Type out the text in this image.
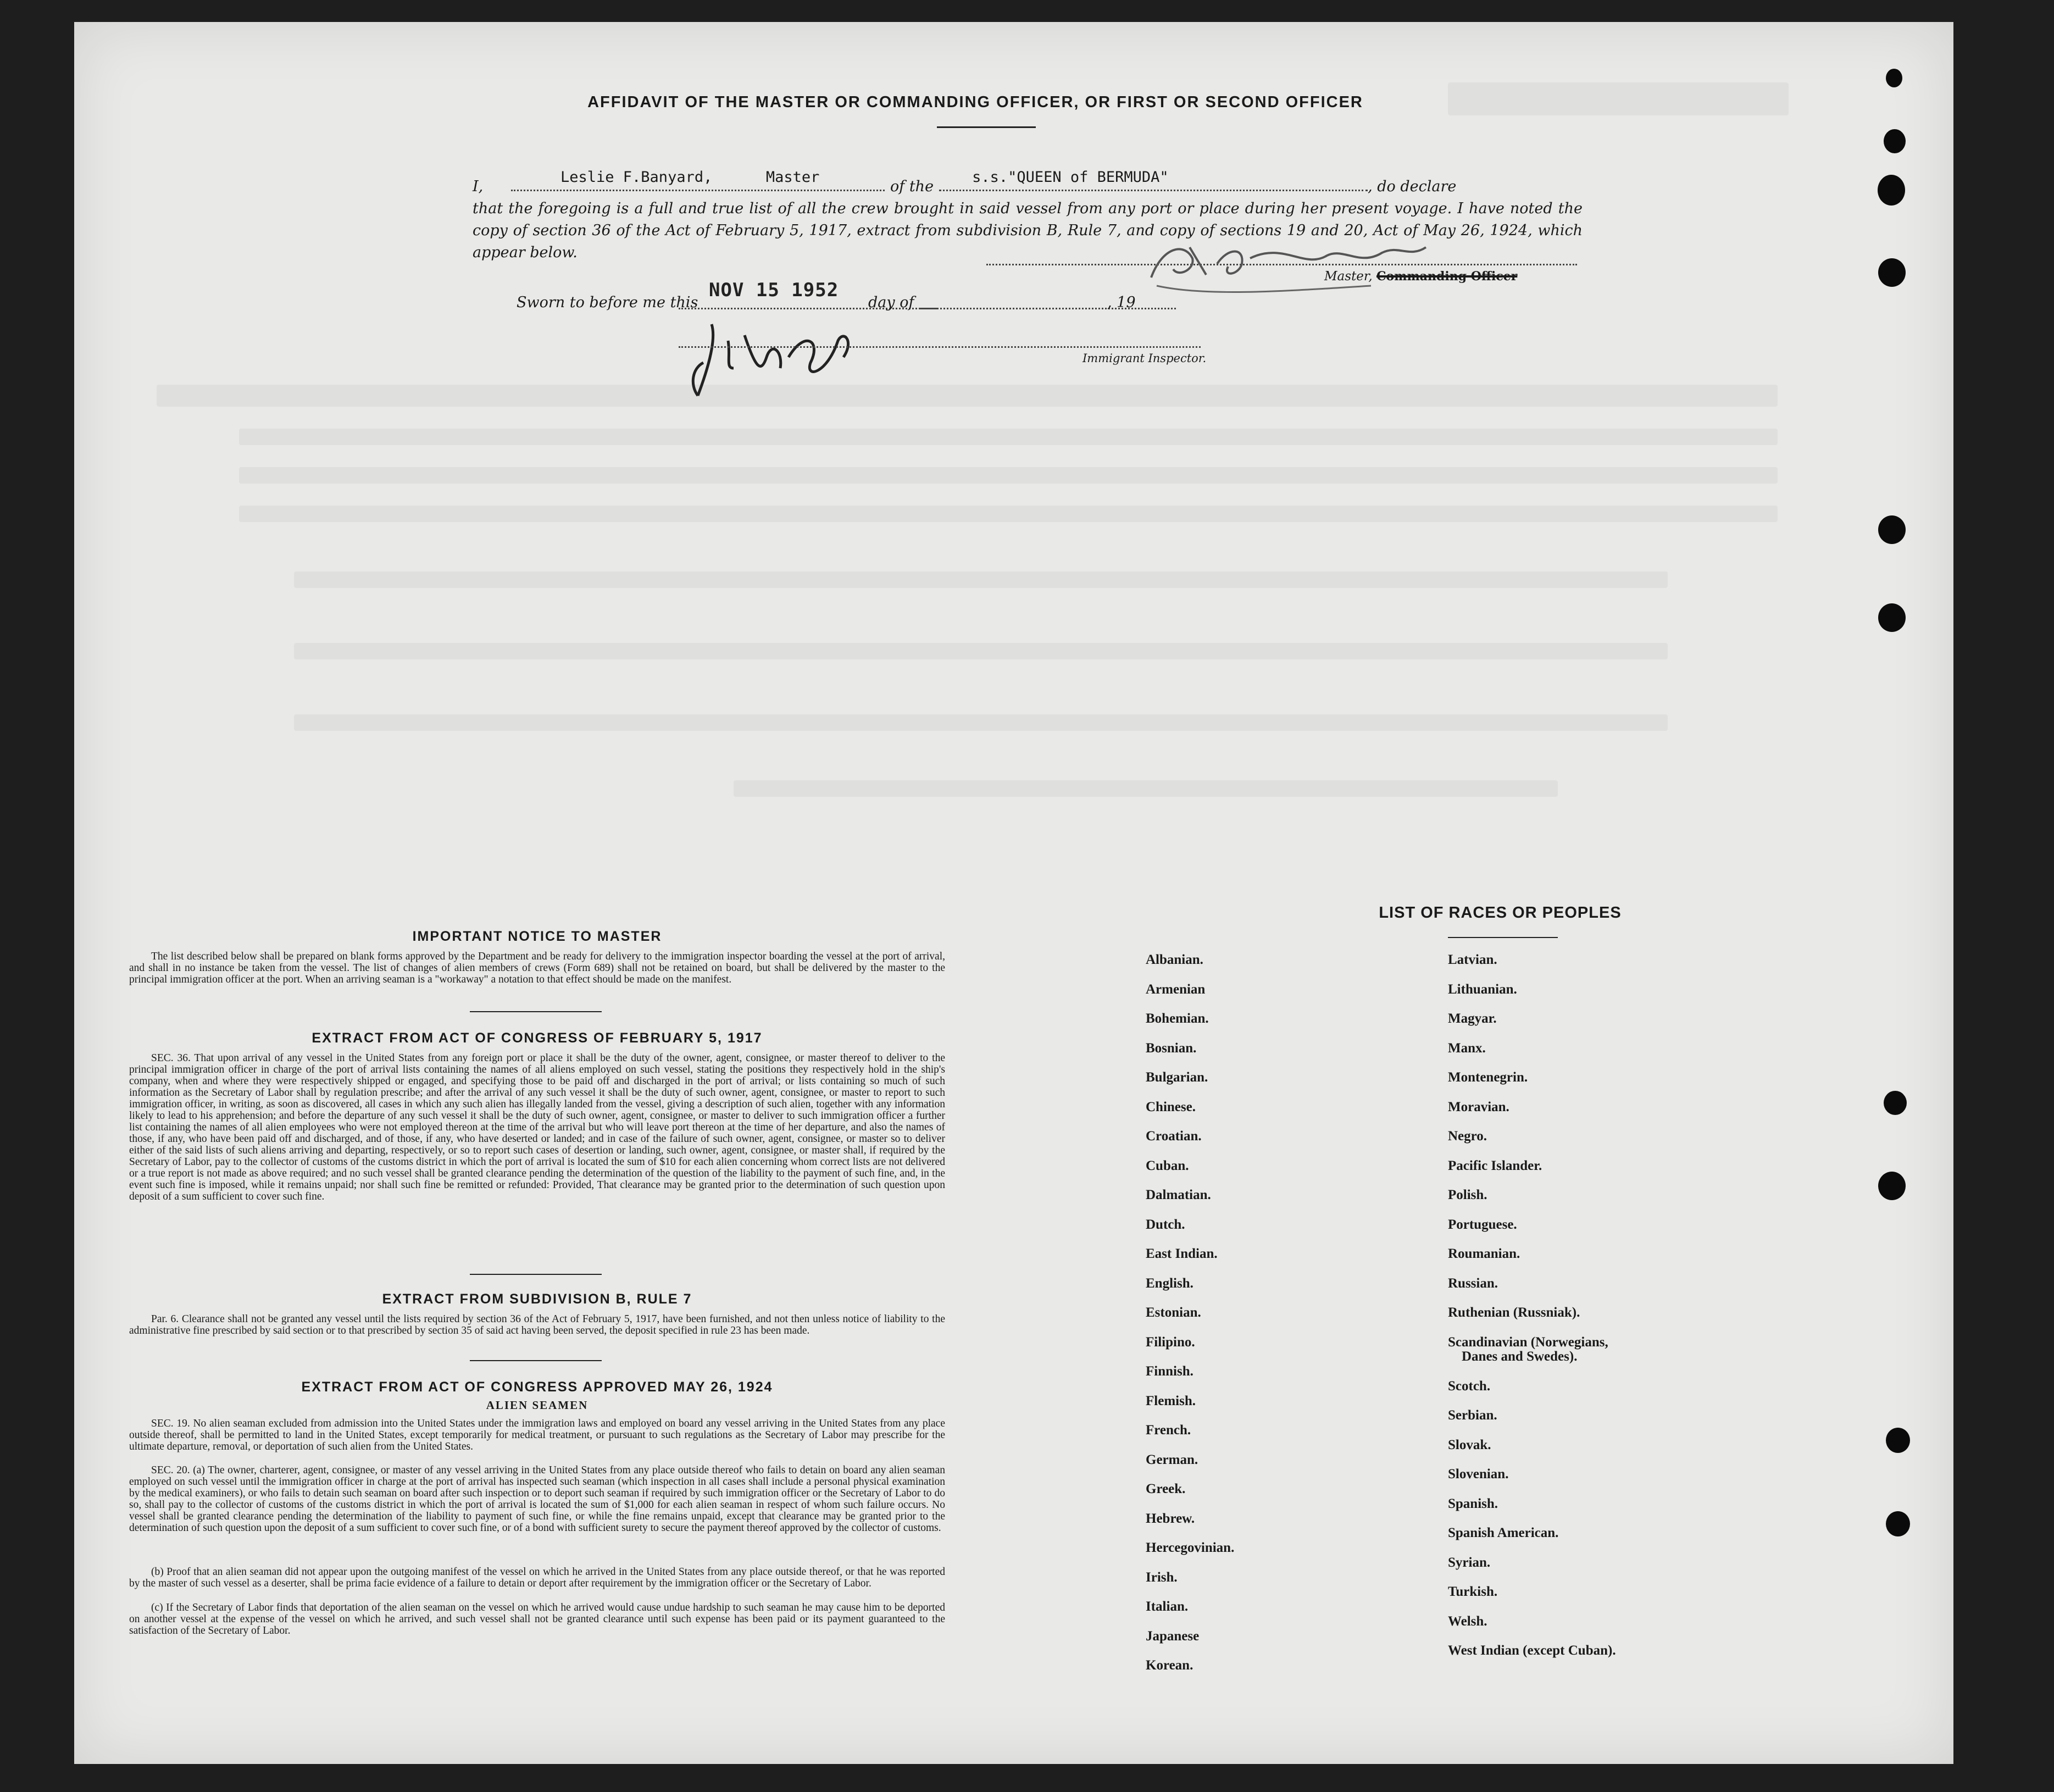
AFFIDAVIT OF THE MASTER OR COMMANDING OFFICER, OR FIRST OR SECOND OFFICER
I,
Leslie F.Banyard,	Master
of the
s.s."QUEEN of BERMUDA"
, do declare
that the foregoing is a full and true list of all the crew brought in said vessel from any port or place during her present voyage. I have noted the copy of section 36 of the Act of February 5, 1917, extract from subdivision B, Rule 7, and copy of sections 19 and 20, Act of May 26, 1924, which appear below.
Master, Commanding Officer
Sworn to before me this
NOV 15 1952
day of	, 19
Immigrant Inspector.
IMPORTANT NOTICE TO MASTER
The list described below shall be prepared on blank forms approved by the Department and be ready for delivery to the immigration inspector boarding the vessel at the port of arrival, and shall in no instance be taken from the vessel. The list of changes of alien members of crews (Form 689) shall not be retained on board, but shall be delivered by the master to the principal immigration officer at the port. When an arriving seaman is a "workaway" a notation to that effect should be made on the manifest.
EXTRACT FROM ACT OF CONGRESS OF FEBRUARY 5, 1917
SEC. 36. That upon arrival of any vessel in the United States from any foreign port or place it shall be the duty of the owner, agent, consignee, or master thereof to deliver to the principal immigration officer in charge of the port of arrival lists containing the names of all aliens employed on such vessel, stating the positions they respectively hold in the ship's company, when and where they were respectively shipped or engaged, and specifying those to be paid off and discharged in the port of arrival; or lists containing so much of such information as the Secretary of Labor shall by regulation prescribe; and after the arrival of any such vessel it shall be the duty of such owner, agent, consignee, or master to report to such immigration officer, in writing, as soon as discovered, all cases in which any such alien has illegally landed from the vessel, giving a description of such alien, together with any information likely to lead to his apprehension; and before the departure of any such vessel it shall be the duty of such owner, agent, consignee, or master to deliver to such immigration officer a further list containing the names of all alien employees who were not employed thereon at the time of the arrival but who will leave port thereon at the time of her departure, and also the names of those, if any, who have been paid off and discharged, and of those, if any, who have deserted or landed; and in case of the failure of such owner, agent, consignee, or master so to deliver either of the said lists of such aliens arriving and departing, respectively, or so to report such cases of desertion or landing, such owner, agent, consignee, or master shall, if required by the Secretary of Labor, pay to the collector of customs of the customs district in which the port of arrival is located the sum of $10 for each alien concerning whom correct lists are not delivered or a true report is not made as above required; and no such vessel shall be granted clearance pending the determination of the question of the liability to the payment of such fine, and, in the event such fine is imposed, while it remains unpaid; nor shall such fine be remitted or refunded: Provided, That clearance may be granted prior to the determination of such question upon deposit of a sum sufficient to cover such fine.
EXTRACT FROM SUBDIVISION B, RULE 7
Par. 6. Clearance shall not be granted any vessel until the lists required by section 36 of the Act of February 5, 1917, have been furnished, and not then unless notice of liability to the administrative fine prescribed by said section or to that prescribed by section 35 of said act having been served, the deposit specified in rule 23 has been made.
EXTRACT FROM ACT OF CONGRESS APPROVED MAY 26, 1924
ALIEN SEAMEN
SEC. 19. No alien seaman excluded from admission into the United States under the immigration laws and employed on board any vessel arriving in the United States from any place outside thereof, shall be permitted to land in the United States, except temporarily for medical treatment, or pursuant to such regulations as the Secretary of Labor may prescribe for the ultimate departure, removal, or deportation of such alien from the United States.
SEC. 20. (a) The owner, charterer, agent, consignee, or master of any vessel arriving in the United States from any place outside thereof who fails to detain on board any alien seaman employed on such vessel until the immigration officer in charge at the port of arrival has inspected such seaman (which inspection in all cases shall include a personal physical examination by the medical examiners), or who fails to detain such seaman on board after such inspection or to deport such seaman if required by such immigration officer or the Secretary of Labor to do so, shall pay to the collector of customs of the customs district in which the port of arrival is located the sum of $1,000 for each alien seaman in respect of whom such failure occurs. No vessel shall be granted clearance pending the determination of the liability to payment of such fine, or while the fine remains unpaid, except that clearance may be granted prior to the determination of such question upon the deposit of a sum sufficient to cover such fine, or of a bond with sufficient surety to secure the payment thereof approved by the collector of customs.
(b) Proof that an alien seaman did not appear upon the outgoing manifest of the vessel on which he arrived in the United States from any place outside thereof, or that he was reported by the master of such vessel as a deserter, shall be prima facie evidence of a failure to detain or deport after requirement by the immigration officer or the Secretary of Labor.
(c) If the Secretary of Labor finds that deportation of the alien seaman on the vessel on which he arrived would cause undue hardship to such seaman he may cause him to be deported on another vessel at the expense of the vessel on which he arrived, and such vessel shall not be granted clearance until such expense has been paid or its payment guaranteed to the satisfaction of the Secretary of Labor.
LIST OF RACES OR PEOPLES
Albanian.
Armenian
Bohemian.
Bosnian.
Bulgarian.
Chinese.
Croatian.
Cuban.
Dalmatian.
Dutch.
East Indian.
English.
Estonian.
Filipino.
Finnish.
Flemish.
French.
German.
Greek.
Hebrew.
Hercegovinian.
Irish.
Italian.
Japanese
Korean.
Latvian.
Lithuanian.
Magyar.
Manx.
Montenegrin.
Moravian.
Negro.
Pacific Islander.
Polish.
Portuguese.
Roumanian.
Russian.
Ruthenian (Russniak).
Scandinavian (Norwegians,
Danes and Swedes).
Scotch.
Serbian.
Slovak.
Slovenian.
Spanish.
Spanish American.
Syrian.
Turkish.
Welsh.
West Indian (except Cuban).
